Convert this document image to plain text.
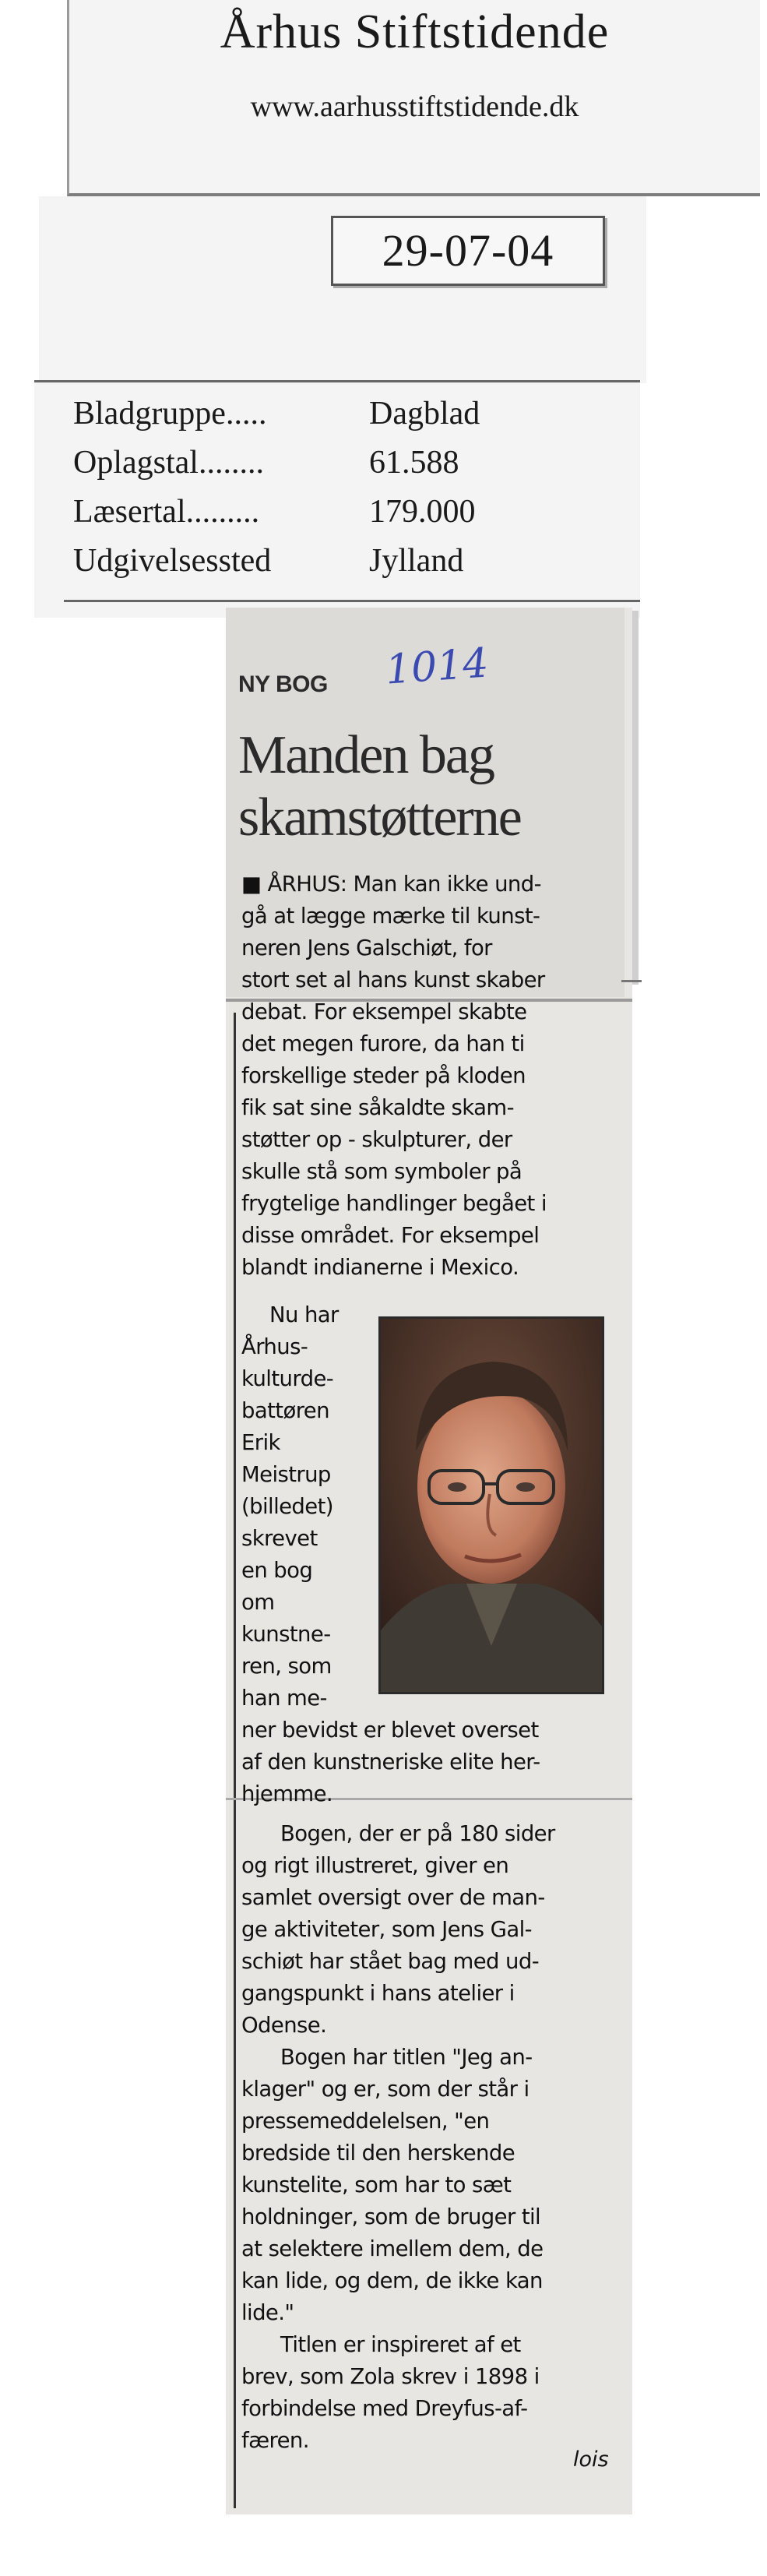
Århus Stiftstidende
www.aarhusstiftstidende.dk
29-07-04
Bladgruppe.....	Dagblad
Oplagstal........	61.588
Læsertal.........	179.000
Udgivelsessted	Jylland
NY BOG 1014
Manden bag
skamstøtterne
■ ÅRHUS: Man kan ikke und-
gå at lægge mærke til kunst-
neren Jens Galschiøt, for
stort set al hans kunst skaber
debat. For eksempel skabte
det megen furore, da han ti
forskellige steder på kloden
fik sat sine såkaldte skam-
støtter op - skulpturer, der
skulle stå som symboler på
frygtelige handlinger begået i
disse området. For eksempel
blandt indianerne i Mexico.
Nu har
Århus-
kulturde-
battøren
Erik
Meistrup
(billedet)
skrevet
en bog
om
kunstne-
ren, som
han me-
ner bevidst er blevet overset
af den kunstneriske elite her-
hjemme.
Bogen, der er på 180 sider
og rigt illustreret, giver en
samlet oversigt over de man-
ge aktiviteter, som Jens Gal-
schiøt har stået bag med ud-
gangspunkt i hans atelier i
Odense.
Bogen har titlen "Jeg an-
klager" og er, som der står i
pressemeddelelsen, "en
bredside til den herskende
kunstelite, som har to sæt
holdninger, som de bruger til
at selektere imellem dem, de
kan lide, og dem, de ikke kan
lide."
Titlen er inspireret af et
brev, som Zola skrev i 1898 i
forbindelse med Dreyfus-af-
færen.
lois
